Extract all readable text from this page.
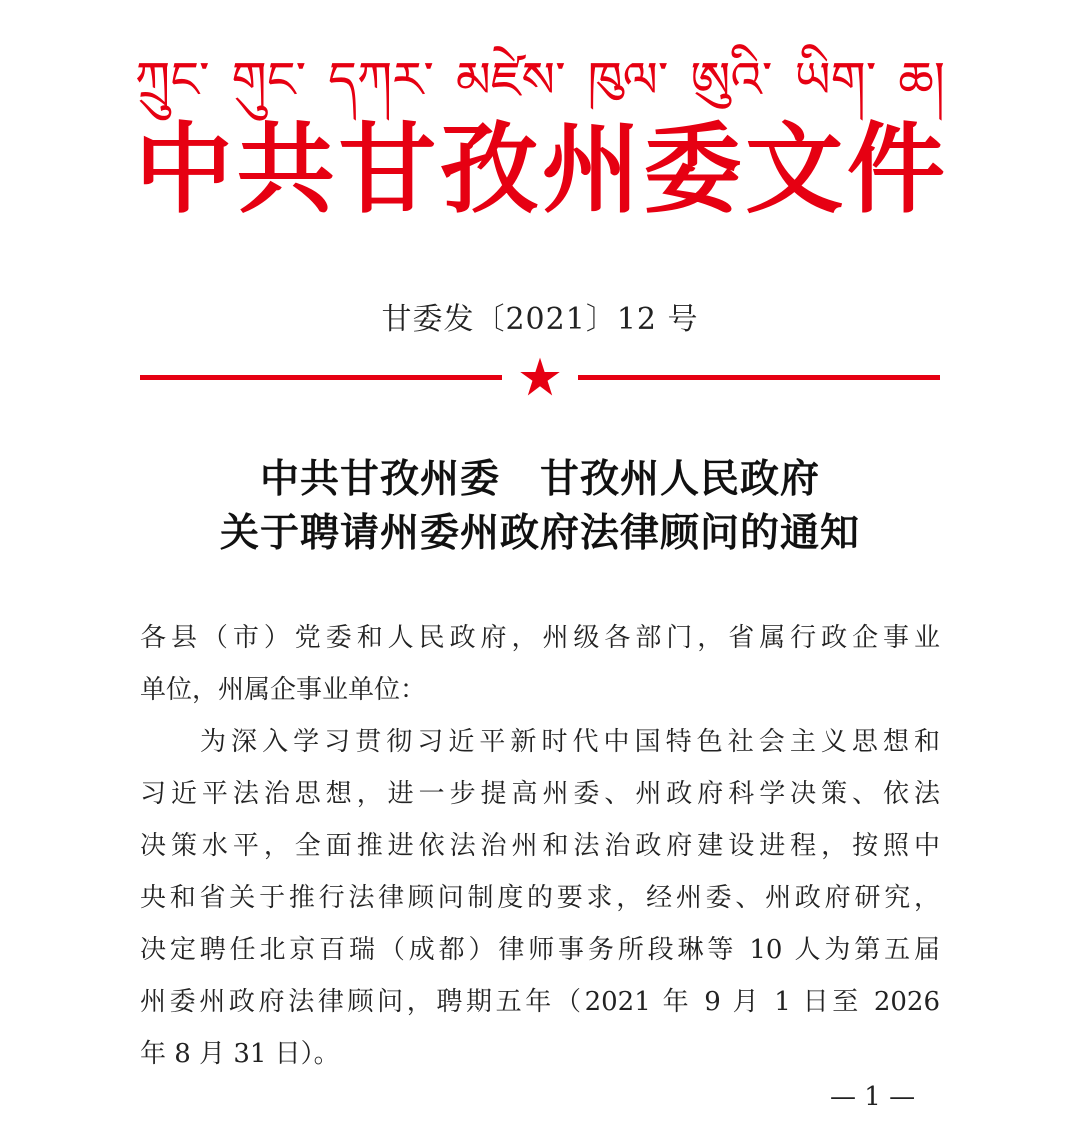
ཀྲུང་ གུང་ དཀར་ མཛེས་ ཁུལ་ ཨུའི་ ཡིག་ ཆ།
中 共 甘 孜 州 委 文 件
甘委发〔2021〕12 号
中共甘孜州委　甘孜州人民政府
关于聘请州委州政府法律顾问的通知
各县（市）党委和人民政府，州级各部门，省属行政企事业
单位，州属企事业单位：
为深入学习贯彻习近平新时代中国特色社会主义思想和
习近平法治思想，进一步提高州委、州政府科学决策、依法
决策水平，全面推进依法治州和法治政府建设进程，按照中
央和省关于推行法律顾问制度的要求，经州委、州政府研究，
决定聘任北京百瑞（成都）律师事务所段琳等 10 人为第五届
州委州政府法律顾问，聘期五年（2021 年 9 月 1 日至 2026
年 8 月 31 日）。
— 1 —
